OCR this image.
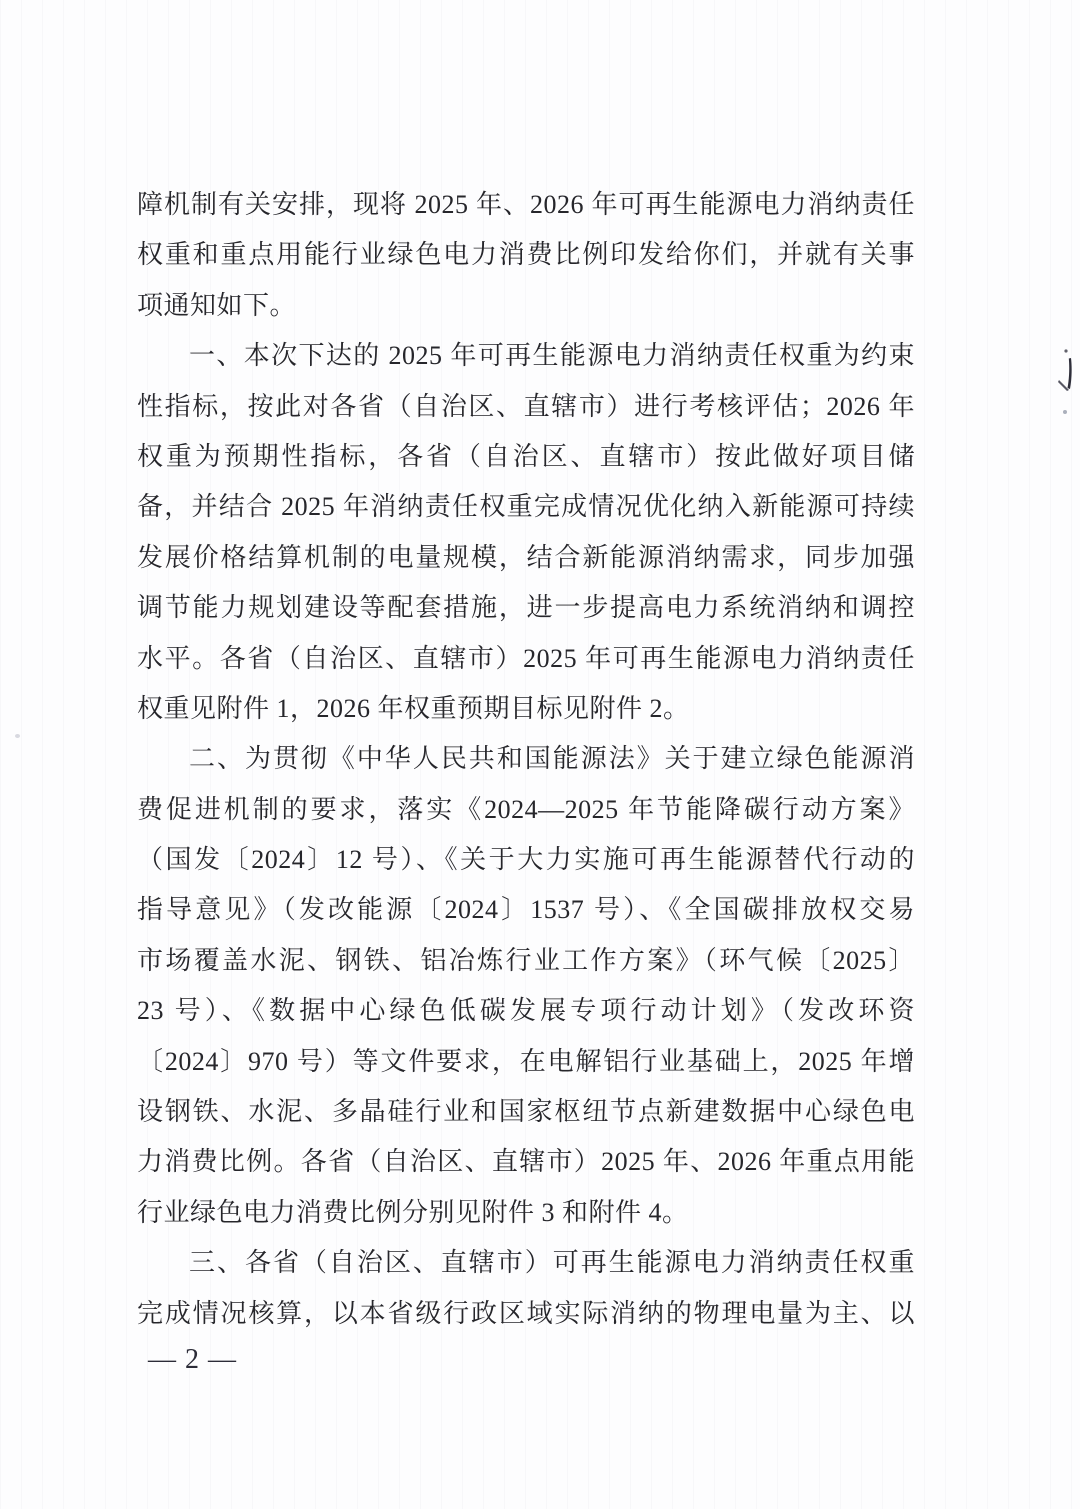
障机制有关安排，现将 2025 年、2026 年可再生能源电力消纳责任
权重和重点用能行业绿色电力消费比例印发给你们，并就有关事
项通知如下。
一、本次下达的 2025 年可再生能源电力消纳责任权重为约束
性指标，按此对各省（自治区、直辖市）进行考核评估；2026 年
权重为预期性指标，各省（自治区、直辖市）按此做好项目储
备，并结合 2025 年消纳责任权重完成情况优化纳入新能源可持续
发展价格结算机制的电量规模，结合新能源消纳需求，同步加强
调节能力规划建设等配套措施，进一步提高电力系统消纳和调控
水平。各省（自治区、直辖市）2025 年可再生能源电力消纳责任
权重见附件 1，2026 年权重预期目标见附件 2。
二、为贯彻《中华人民共和国能源法》关于建立绿色能源消
费促进机制的要求，落实《2024—2025 年节能降碳行动方案》
（国发〔2024〕12 号）、《关于大力实施可再生能源替代行动的
指导意见》（发改能源〔2024〕1537 号）、《全国碳排放权交易
市场覆盖水泥、钢铁、铝冶炼行业工作方案》（环气候〔2025〕
23 号）、《数据中心绿色低碳发展专项行动计划》（发改环资
〔2024〕970 号）等文件要求，在电解铝行业基础上，2025 年增
设钢铁、水泥、多晶硅行业和国家枢纽节点新建数据中心绿色电
力消费比例。各省（自治区、直辖市）2025 年、2026 年重点用能
行业绿色电力消费比例分别见附件 3 和附件 4。
三、各省（自治区、直辖市）可再生能源电力消纳责任权重
完成情况核算，以本省级行政区域实际消纳的物理电量为主、以
— 2 —
